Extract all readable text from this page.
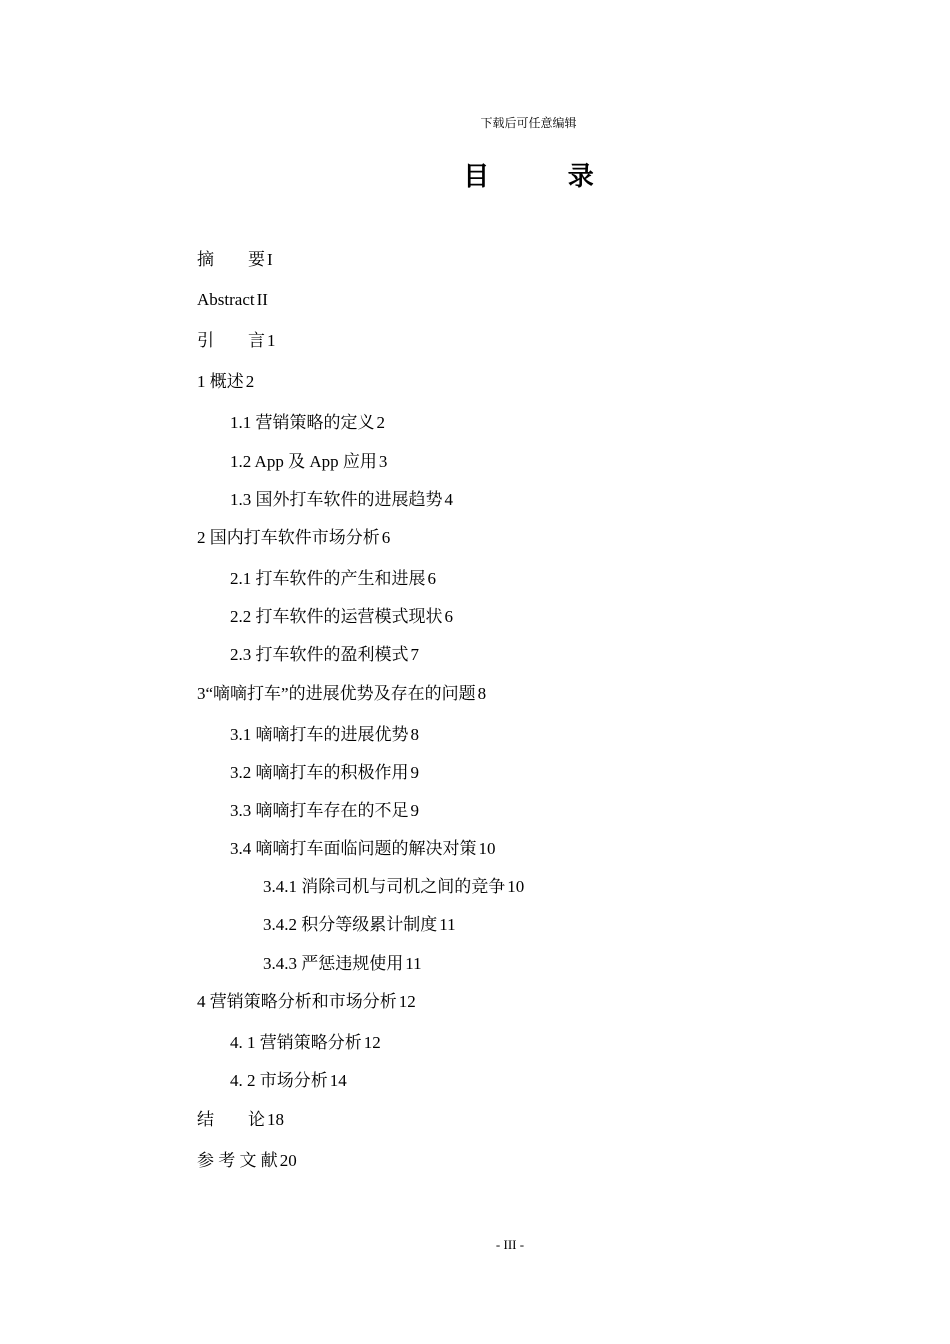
下载后可任意编辑
目 录
摘　　要 I
Abstract II
引　　言 1
1 概述 2
1.1 营销策略的定义 2
1.2 App 及 App 应用 3
1.3 国外打车软件的进展趋势 4
2 国内打车软件市场分析 6
2.1 打车软件的产生和进展 6
2.2 打车软件的运营模式现状 6
2.3 打车软件的盈利模式 7
3“嘀嘀打车”的进展优势及存在的问题 8
3.1 嘀嘀打车的进展优势 8
3.2 嘀嘀打车的积极作用 9
3.3 嘀嘀打车存在的不足 9
3.4 嘀嘀打车面临问题的解决对策 10
3.4.1 消除司机与司机之间的竞争 10
3.4.2 积分等级累计制度 11
3.4.3 严惩违规使用 11
4 营销策略分析和市场分析 12
4. 1 营销策略分析 12
4. 2 市场分析 14
结　　论 18
参 考 文 献 20
- III -
